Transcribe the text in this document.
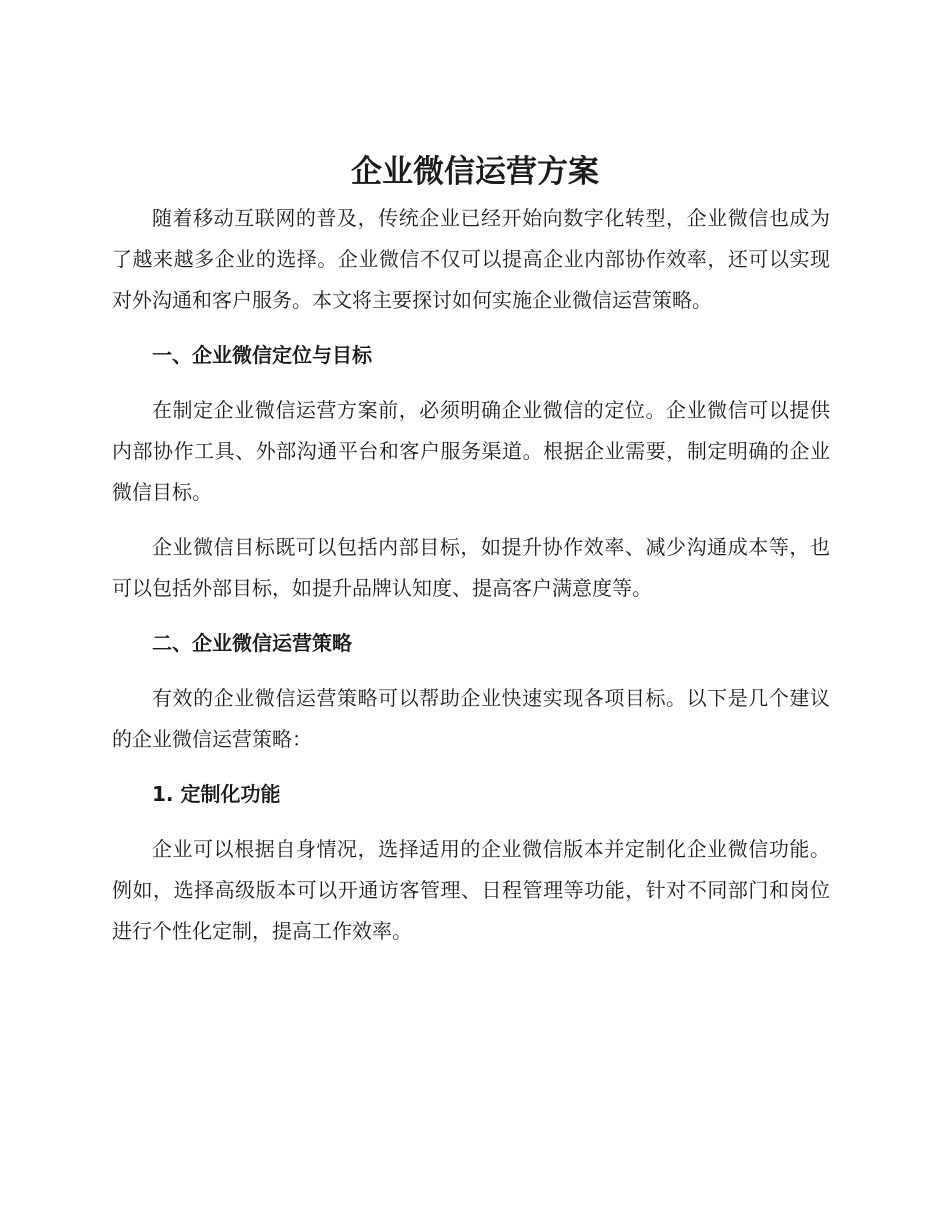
企业微信运营方案

随着移动互联网的普及，传统企业已经开始向数字化转型，企业微信也成为了越来越多企业的选择。企业微信不仅可以提高企业内部协作效率，还可以实现对外沟通和客户服务。本文将主要探讨如何实施企业微信运营策略。

一、企业微信定位与目标

在制定企业微信运营方案前，必须明确企业微信的定位。企业微信可以提供内部协作工具、外部沟通平台和客户服务渠道。根据企业需要，制定明确的企业微信目标。

企业微信目标既可以包括内部目标，如提升协作效率、减少沟通成本等，也可以包括外部目标，如提升品牌认知度、提高客户满意度等。

二、企业微信运营策略

有效的企业微信运营策略可以帮助企业快速实现各项目标。以下是几个建议的企业微信运营策略：

1. 定制化功能

企业可以根据自身情况，选择适用的企业微信版本并定制化企业微信功能。例如，选择高级版本可以开通访客管理、日程管理等功能，针对不同部门和岗位进行个性化定制，提高工作效率。
